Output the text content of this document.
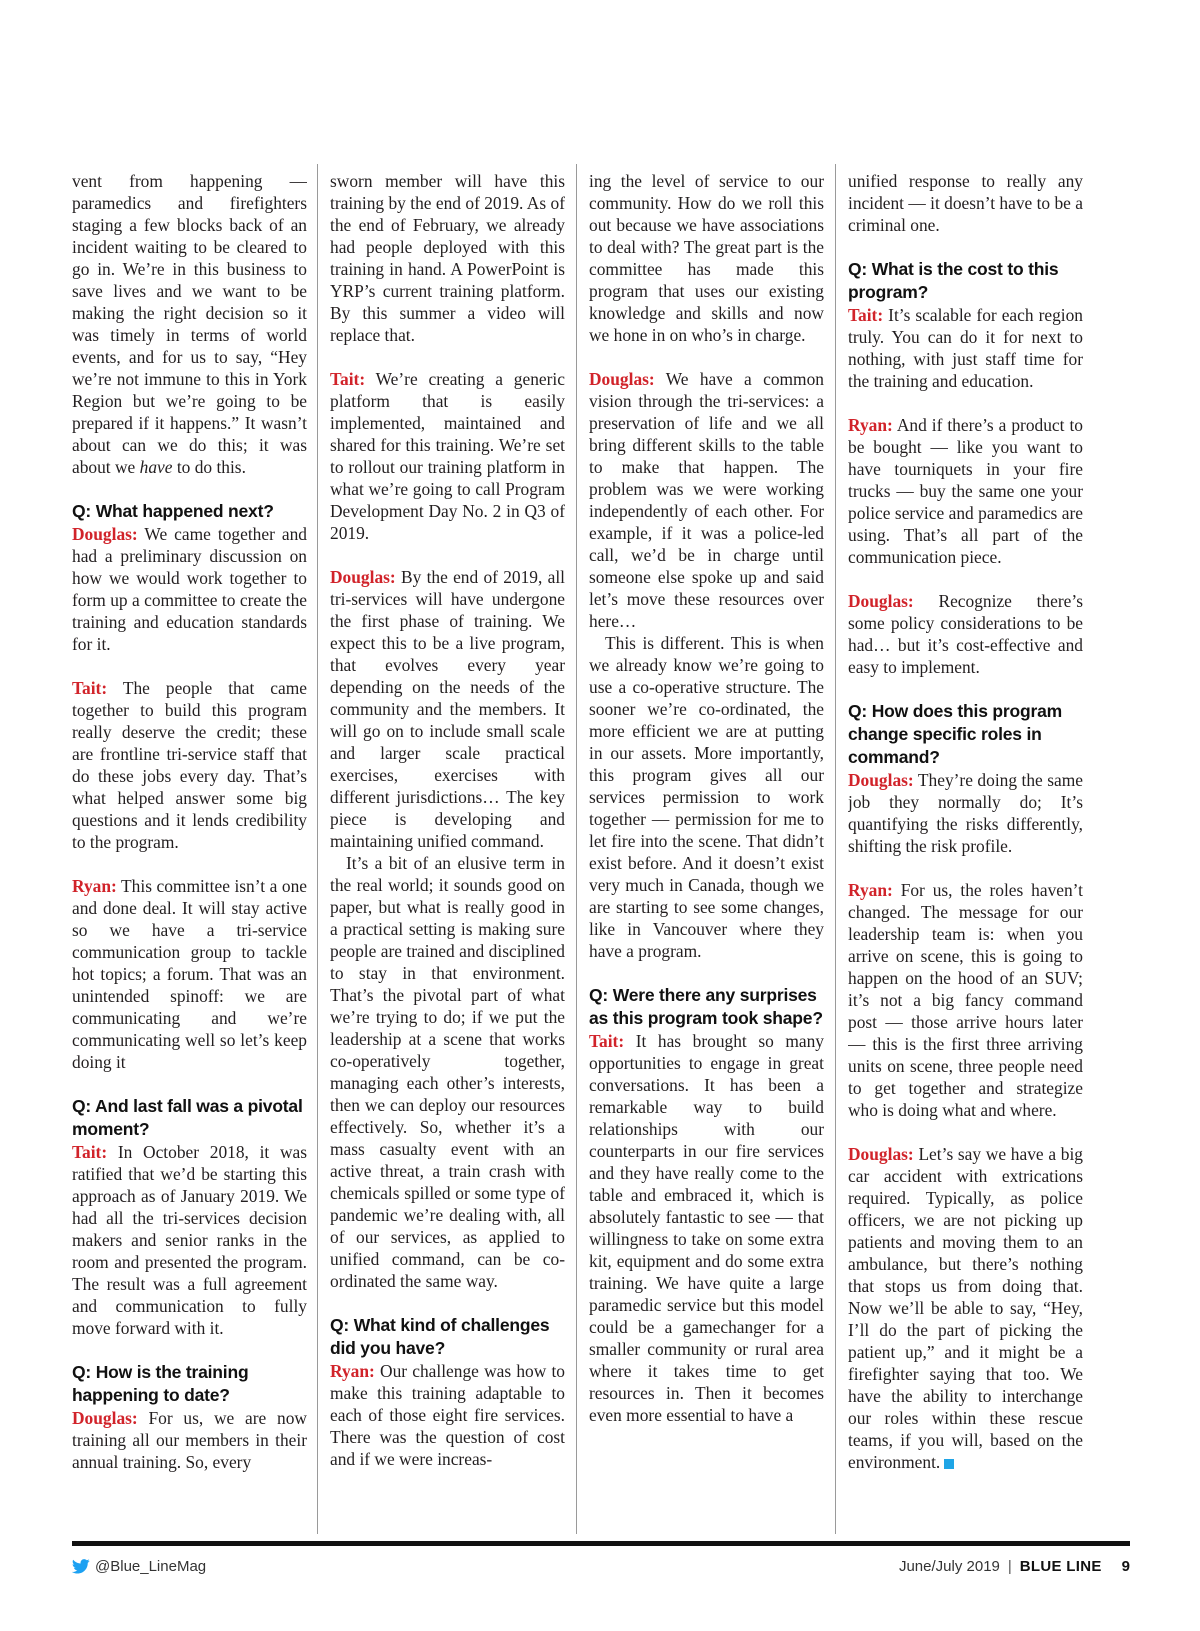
vent from happening — paramedics and firefighters staging a few blocks back of an incident waiting to be cleared to go in. We’re in this business to save lives and we want to be making the right decision so it was timely in terms of world events, and for us to say, “Hey we’re not immune to this in York Region but we’re going to be prepared if it happens.” It wasn’t about can we do this; it was about we have to do this.

Q: What happened next?

Douglas: We came together and had a preliminary discussion on how we would work together to form up a committee to create the training and education standards for it.

Tait: The people that came together to build this program really deserve the credit; these are frontline tri-service staff that do these jobs every day. That’s what helped answer some big questions and it lends credibility to the program.

Ryan: This committee isn’t a one and done deal. It will stay active so we have a tri-service communication group to tackle hot topics; a forum. That was an unintended spinoff: we are communicating and we’re communicating well so let’s keep doing it

Q: And last fall was a pivotal moment?

Tait: In October 2018, it was ratified that we’d be starting this approach as of January 2019. We had all the tri-services decision makers and senior ranks in the room and presented the program. The result was a full agreement and communication to fully move forward with it.

Q: How is the training happening to date?

Douglas: For us, we are now training all our members in their annual training. So, every

sworn member will have this training by the end of 2019. As of the end of February, we already had people deployed with this training in hand. A PowerPoint is YRP’s current training platform. By this summer a video will replace that.

Tait: We’re creating a generic platform that is easily implemented, maintained and shared for this training. We’re set to rollout our training platform in what we’re going to call Program Development Day No. 2 in Q3 of 2019.

Douglas: By the end of 2019, all tri-services will have undergone the first phase of training. We expect this to be a live program, that evolves every year depending on the needs of the community and the members. It will go on to include small scale and larger scale practical exercises, exercises with different jurisdictions… The key piece is developing and maintaining unified command.

It’s a bit of an elusive term in the real world; it sounds good on paper, but what is really good in a practical setting is making sure people are trained and disciplined to stay in that environment. That’s the pivotal part of what we’re trying to do; if we put the leadership at a scene that works co-operatively together, managing each other’s interests, then we can deploy our resources effectively. So, whether it’s a mass casualty event with an active threat, a train crash with chemicals spilled or some type of pandemic we’re dealing with, all of our services, as applied to unified command, can be co-ordinated the same way.

Q: What kind of challenges did you have?

Ryan: Our challenge was how to make this training adaptable to each of those eight fire services. There was the question of cost and if we were increas-

ing the level of service to our community. How do we roll this out because we have associations to deal with? The great part is the committee has made this program that uses our existing knowledge and skills and now we hone in on who’s in charge.

Douglas: We have a common vision through the tri-services: a preservation of life and we all bring different skills to the table to make that happen. The problem was we were working independently of each other. For example, if it was a police-led call, we’d be in charge until someone else spoke up and said let’s move these resources over here…

This is different. This is when we already know we’re going to use a co-operative structure. The sooner we’re co-ordinated, the more efficient we are at putting in our assets. More importantly, this program gives all our services permission to work together — permission for me to let fire into the scene. That didn’t exist before. And it doesn’t exist very much in Canada, though we are starting to see some changes, like in Vancouver where they have a program.

Q: Were there any surprises as this program took shape?

Tait: It has brought so many opportunities to engage in great conversations. It has been a remarkable way to build relationships with our counterparts in our fire services and they have really come to the table and embraced it, which is absolutely fantastic to see — that willingness to take on some extra kit, equipment and do some extra training. We have quite a large paramedic service but this model could be a gamechanger for a smaller community or rural area where it takes time to get resources in. Then it becomes even more essential to have a

unified response to really any incident — it doesn’t have to be a criminal one.

Q: What is the cost to this program?

Tait: It’s scalable for each region truly. You can do it for next to nothing, with just staff time for the training and education.

Ryan: And if there’s a product to be bought — like you want to have tourniquets in your fire trucks — buy the same one your police service and paramedics are using. That’s all part of the communication piece.

Douglas: Recognize there’s some policy considerations to be had… but it’s cost-effective and easy to implement.

Q: How does this program change specific roles in command?

Douglas: They’re doing the same job they normally do; It’s quantifying the risks differently, shifting the risk profile.

Ryan: For us, the roles haven’t changed. The message for our leadership team is: when you arrive on scene, this is going to happen on the hood of an SUV; it’s not a big fancy command post — those arrive hours later — this is the first three arriving units on scene, three people need to get together and strategize who is doing what and where.

Douglas: Let’s say we have a big car accident with extrications required. Typically, as police officers, we are not picking up patients and moving them to an ambulance, but there’s nothing that stops us from doing that. Now we’ll be able to say, “Hey, I’ll do the part of picking the patient up,” and it might be a firefighter saying that too. We have the ability to interchange our roles within these rescue teams, if you will, based on the environment.

@Blue_LineMag	June/July 2019 | BLUE LINE 9
